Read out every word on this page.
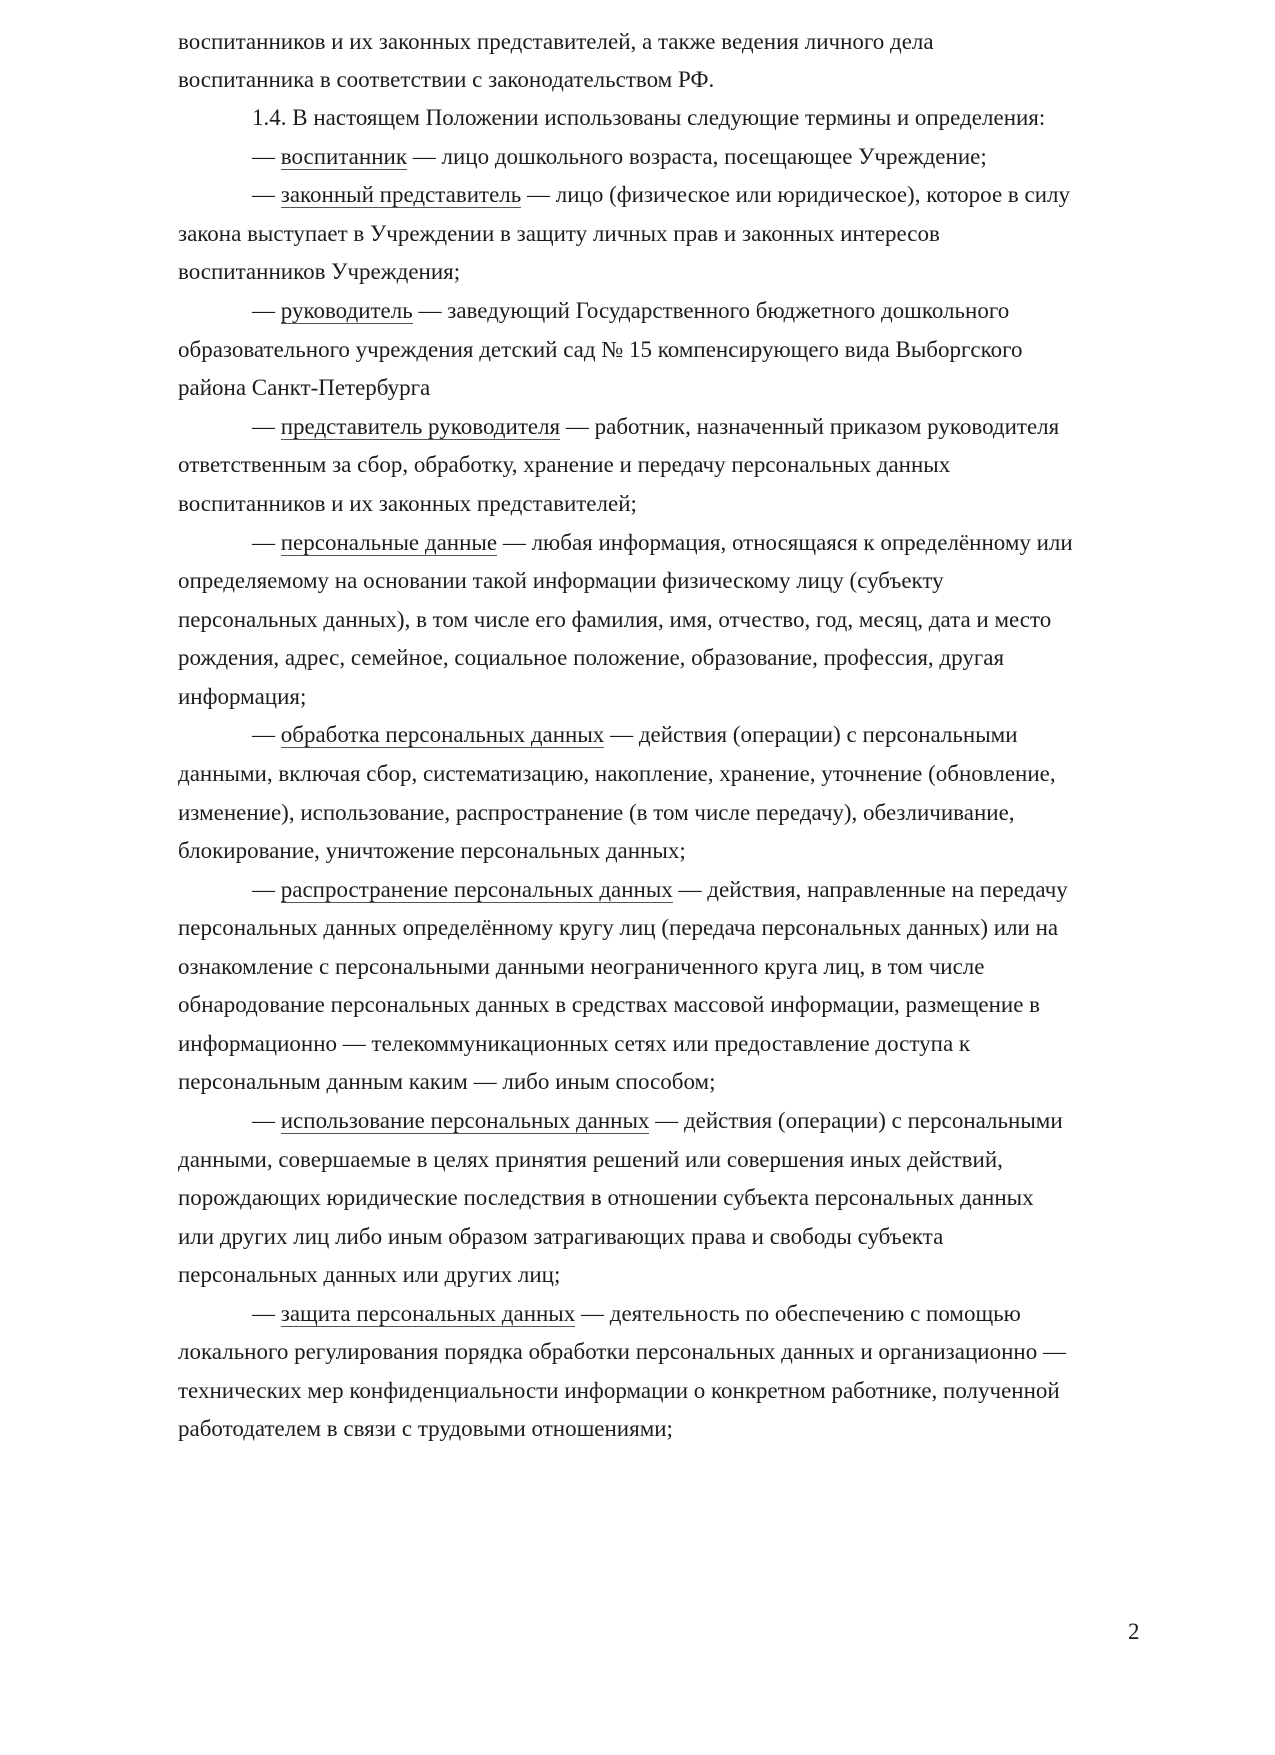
воспитанников и их законных представителей, а также ведения личного дела
воспитанника в соответствии с законодательством РФ.
1.4. В настоящем Положении использованы следующие термины и определения:
— воспитанник — лицо дошкольного возраста, посещающее Учреждение;
— законный представитель — лицо (физическое или юридическое), которое в силу
закона выступает в Учреждении в защиту личных прав и законных интересов
воспитанников Учреждения;
— руководитель — заведующий Государственного бюджетного дошкольного
образовательного учреждения детский сад № 15 компенсирующего вида Выборгского
района Санкт-Петербурга
— представитель руководителя — работник, назначенный приказом руководителя
ответственным за сбор, обработку, хранение и передачу персональных данных
воспитанников и их законных представителей;
— персональные данные — любая информация, относящаяся к определённому или
определяемому на основании такой информации физическому лицу (субъекту
персональных данных), в том числе его фамилия, имя, отчество, год, месяц, дата и место
рождения, адрес, семейное, социальное положение, образование, профессия, другая
информация;
— обработка персональных данных — действия (операции) с персональными
данными, включая сбор, систематизацию, накопление, хранение, уточнение (обновление,
изменение), использование, распространение (в том числе передачу), обезличивание,
блокирование, уничтожение персональных данных;
— распространение персональных данных — действия, направленные на передачу
персональных данных определённому кругу лиц (передача персональных данных) или на
ознакомление с персональными данными неограниченного круга лиц, в том числе
обнародование персональных данных в средствах массовой информации, размещение в
информационно — телекоммуникационных сетях или предоставление доступа к
персональным данным каким — либо иным способом;
— использование персональных данных — действия (операции) с персональными
данными, совершаемые в целях принятия решений или совершения иных действий,
порождающих юридические последствия в отношении субъекта персональных данных
или других лиц либо иным образом затрагивающих права и свободы субъекта
персональных данных или других лиц;
— защита персональных данных — деятельность по обеспечению с помощью
локального регулирования порядка обработки персональных данных и организационно —
технических мер конфиденциальности информации о конкретном работнике, полученной
работодателем в связи с трудовыми отношениями;
2
